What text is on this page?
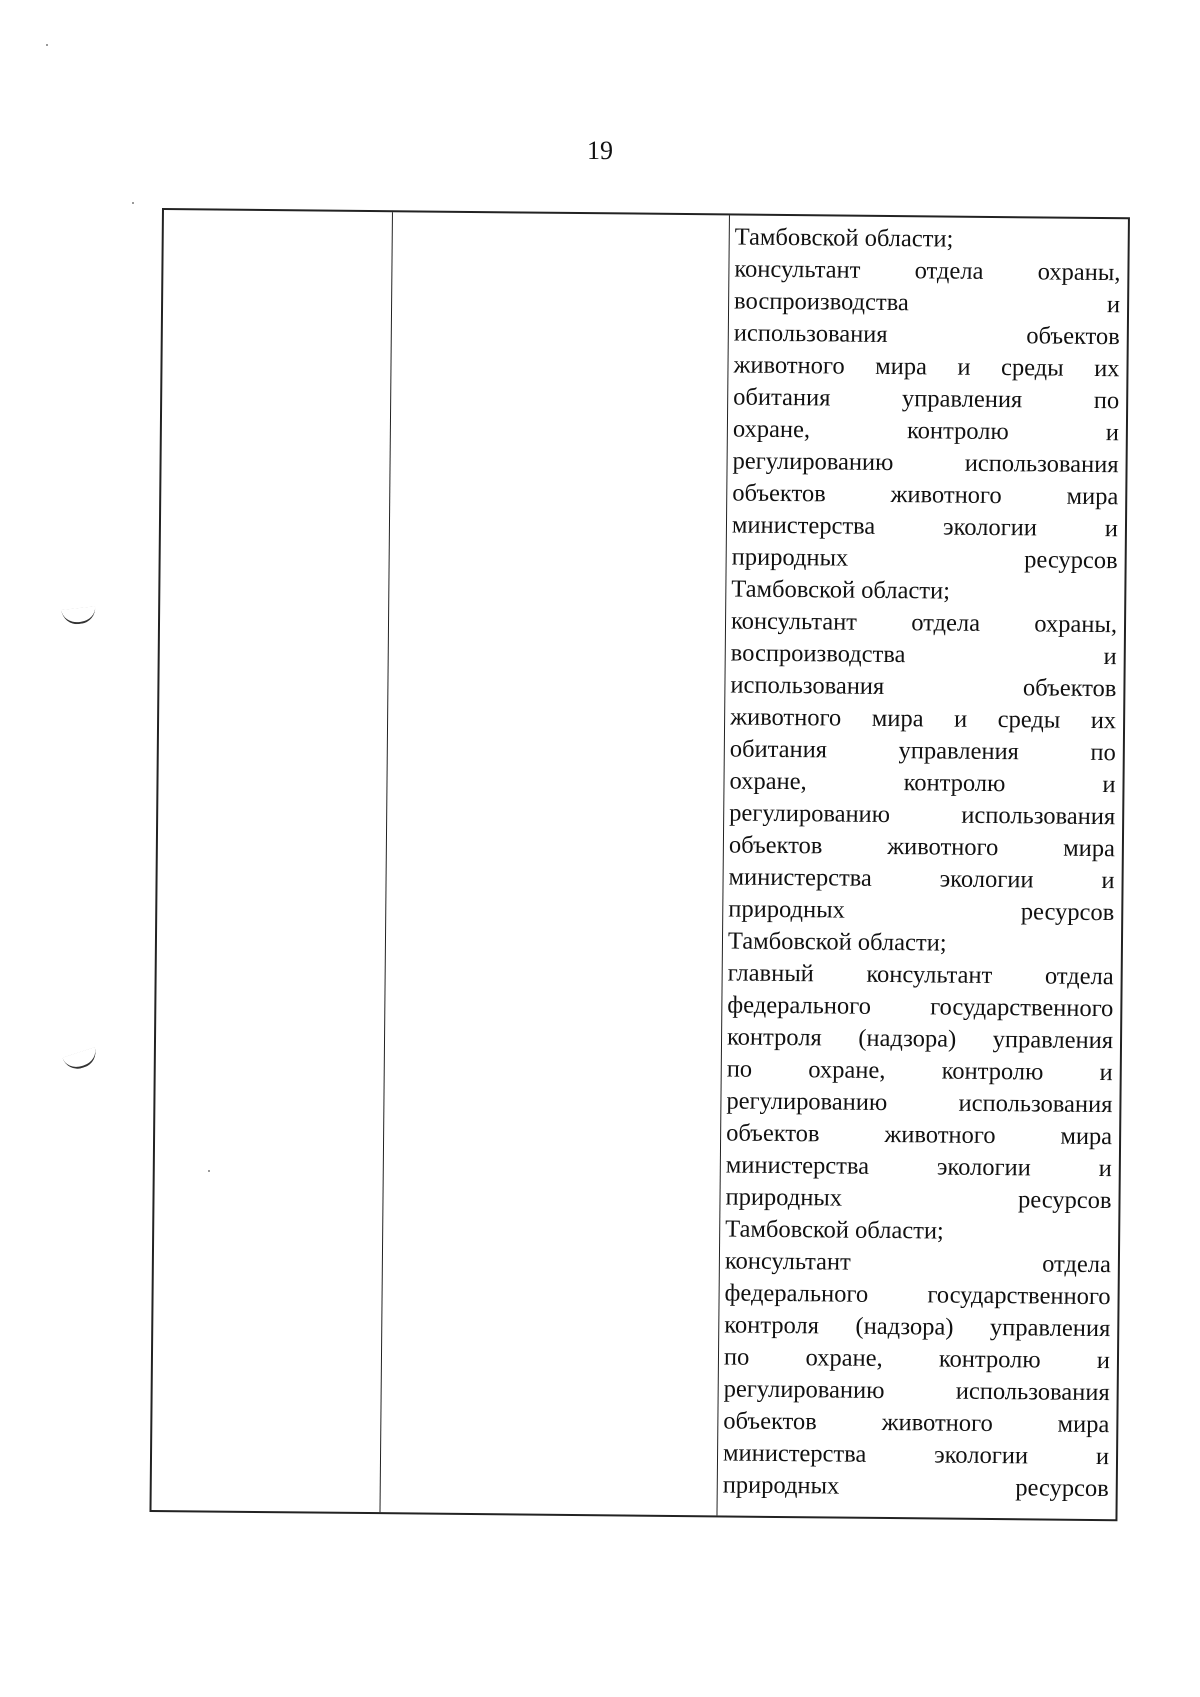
19
Тамбовской области;
консультант отдела охраны,
воспроизводства и
использования объектов
животного мира и среды их
обитания управления по
охране, контролю и
регулированию использования
объектов животного мира
министерства экологии и
природных ресурсов
Тамбовской области;
консультант отдела охраны,
воспроизводства и
использования объектов
животного мира и среды их
обитания управления по
охране, контролю и
регулированию использования
объектов животного мира
министерства экологии и
природных ресурсов
Тамбовской области;
главный консультант отдела
федерального государственного
контроля (надзора) управления
по охране, контролю и
регулированию использования
объектов животного мира
министерства экологии и
природных ресурсов
Тамбовской области;
консультант отдела
федерального государственного
контроля (надзора) управления
по охране, контролю и
регулированию использования
объектов животного мира
министерства экологии и
природных ресурсов
